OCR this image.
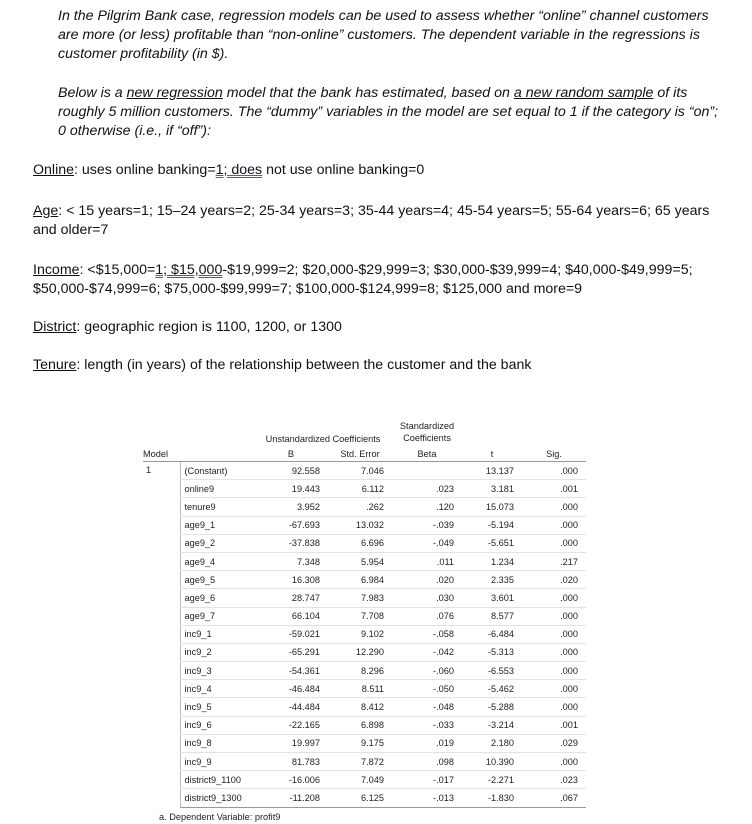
In the Pilgrim Bank case, regression models can be used to assess whether “online” channel customers are more (or less) profitable than “non-online” customers. The dependent variable in the regressions is customer profitability (in $).

Below is a new regression model that the bank has estimated, based on a new random sample of its roughly 5 million customers. The “dummy” variables in the model are set equal to 1 if the category is “on”; 0 otherwise (i.e., if “off”):

Online: uses online banking=1; does not use online banking=0
Age: < 15 years=1; 15–24 years=2; 25-34 years=3; 35-44 years=4; 45-54 years=5; 55-64 years=6; 65 years and older=7
Income: <$15,000=1; $15,000-$19,999=2; $20,000-$29,999=3; $30,000-$39,999=4; $40,000-$49,999=5; $50,000-$74,999=6; $75,000-$99,999=7; $100,000-$124,999=8; $125,000 and more=9
District: geographic region is 1100, 1200, or 1300
Tenure: length (in years) of the relationship between the customer and the bank
		Unstandardized Coefficients		Standardized Coefficients		
Model		B	Std. Error	Beta	t	Sig.
1	(Constant)	92.558	7.046		13.137	.000
	online9	19.443	6.112	.023	3.181	.001
	tenure9	3.952	.262	.120	15.073	.000
	age9_1	-67.693	13.032	-.039	-5.194	.000
	age9_2	-37.838	6.696	-.049	-5.651	.000
	age9_4	7.348	5.954	.011	1.234	.217
	age9_5	16.308	6.984	.020	2.335	.020
	age9_6	28.747	7.983	.030	3.601	.000
	age9_7	66.104	7.708	.076	8.577	.000
	inc9_1	-59.021	9.102	-.058	-6.484	.000
	inc9_2	-65.291	12.290	-.042	-5.313	.000
	inc9_3	-54.361	8.296	-.060	-6.553	.000
	inc9_4	-46.484	8.511	-.050	-5.462	.000
	inc9_5	-44.484	8.412	-.048	-5.288	.000
	inc9_6	-22.165	6.898	-.033	-3.214	.001
	inc9_8	19.997	9.175	.019	2.180	.029
	inc9_9	81.783	7.872	.098	10.390	.000
	district9_1100	-16.006	7.049	-.017	-2.271	.023
	district9_1300	-11.208	6.125	-.013	-1.830	.067
a. Dependent Variable: profit9
